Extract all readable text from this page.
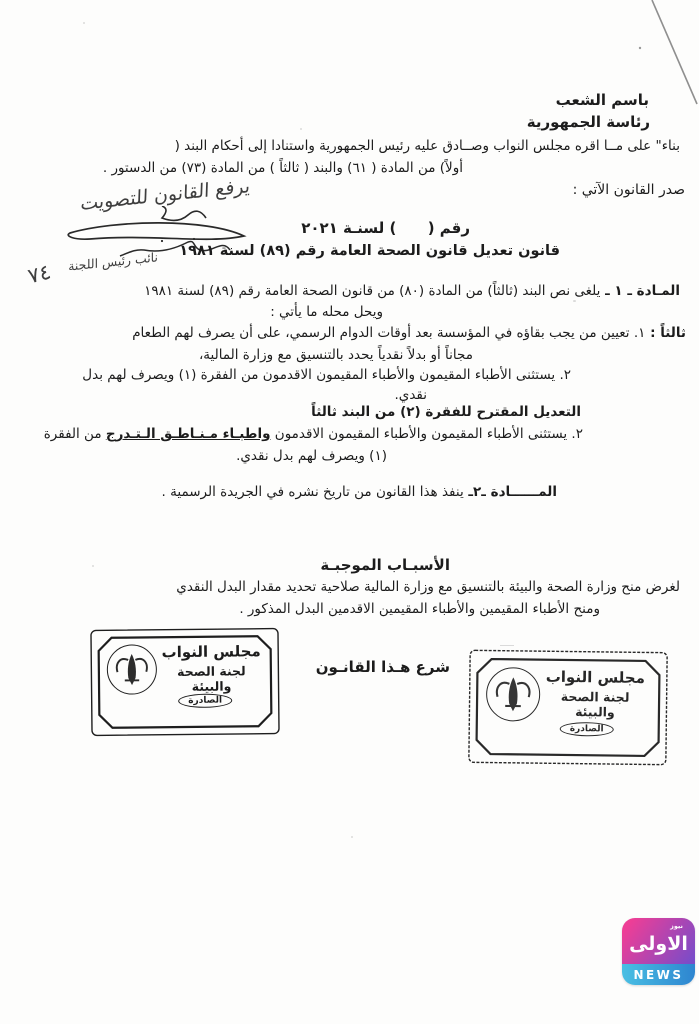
باسم الشعب
رئاسة الجمهورية
بناء" على مــا اقره مجلس النواب وصــادق عليه رئيس الجمهورية واستنادا إلى أحكام البند (
أولاً) من المادة ( ٦١) والبند ( ثالثاً ) من المادة (٧٣) من الدستور .
صدر القانون الآتي :
يرفع القانون للتصويت
نائب رئيس اللجنة
٧٤
رقم (      ) لسنـة ٢٠٢١
قانون تعديل قانون الصحة العامة رقم (٨٩) لسنة ١٩٨١
المـادة ـ ١ ـ يلغى نص البند (ثالثاً) من المادة (٨٠) من قانون الصحة العامة رقم (٨٩) لسنة ١٩٨١
ويحل محله ما يأتي :
ثالثاً : ١. تعيين من يجب بقاؤه في المؤسسة بعد أوقات الدوام الرسمي، على أن يصرف لهم الطعام
مجاناً أو بدلاً نقدياً يحدد بالتنسيق مع وزارة المالية،
٢. يستثنى الأطباء المقيمون والأطباء المقيمون الاقدمون من الفقرة (١) ويصرف لهم بدل
نقدي.
التعديل المقترح للفقرة (٢) من البند ثالثاً
٢. يستثنى الأطباء المقيمون والأطباء المقيمون الاقدمون واطبـاء مـنـاطـق الـتـدرج من الفقرة
(١) ويصرف لهم بدل نقدي.
المــــــادة ـ٢ـ ينفذ هذا القانون من تاريخ نشره في الجريدة الرسمية .
الأسبـاب الموجبـة
لغرض منح وزارة الصحة والبيئة بالتنسيق مع وزارة المالية صلاحية تحديد مقدار البدل النقدي
ومنح الأطباء المقيمين والأطباء المقيمين الاقدمين البدل المذكور .
مجلس النواب
لجنة الصحة والبيئة
الصادرة
شرع هـذا القانـون
مجلس النواب
لجنة الصحة والبيئة
الصادرة
نيوز
الاولى
NEWS
